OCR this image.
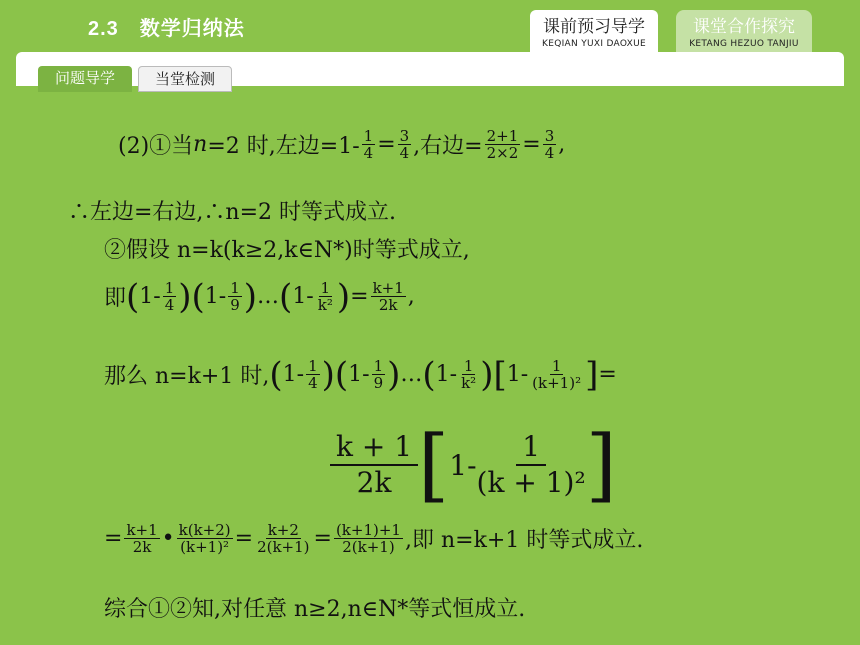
2.3　数学归纳法	课前预习导学
KEQIAN YUXI DAOXUE
课堂合作探究
KETANG HEZUO TANJIU
问题导学	当堂检测
(2)①当 n =2 时,左边$=1- \frac{1}{4} = \frac{3}{4}$ ,右边= $\frac{2+1}{2\times 2} = \frac{3}{4}$ ,
∴左边=右边,∴n=2 时等式成立.
②假设 n=k(k≥2,k∈N*)时等式成立,
即 ( $1- \frac{1}{4}$ ) ( $1- \frac{1}{9}$ ) … ( $1- \frac{1}{\text{k²}}$ ) = $\frac{k+1}{2k}$ ,
那么 n=k+1 时, ( $1- \frac{1}{4}$ ) ( $1- \frac{1}{9}$ ) … ( $1- \frac{1}{\text{k²}}$ ) [ $1- \frac{1}{\text{(k+1)²}}$ ] =
$\frac{k + 1}{2k}$ [ $1- \frac{1}{\text{(k + 1)²}}$ ]
= $\frac{k+1}{2k}$ • $\frac{k(k+2)}{\text{(k+1)²}} = \frac{k+2}{2(k+1)} = \frac{(k+1)+1}{2(k+1)}$ ,即 n=k+1 时等式成立.
综合①②知,对任意 n≥2,n∈N*等式恒成立.
